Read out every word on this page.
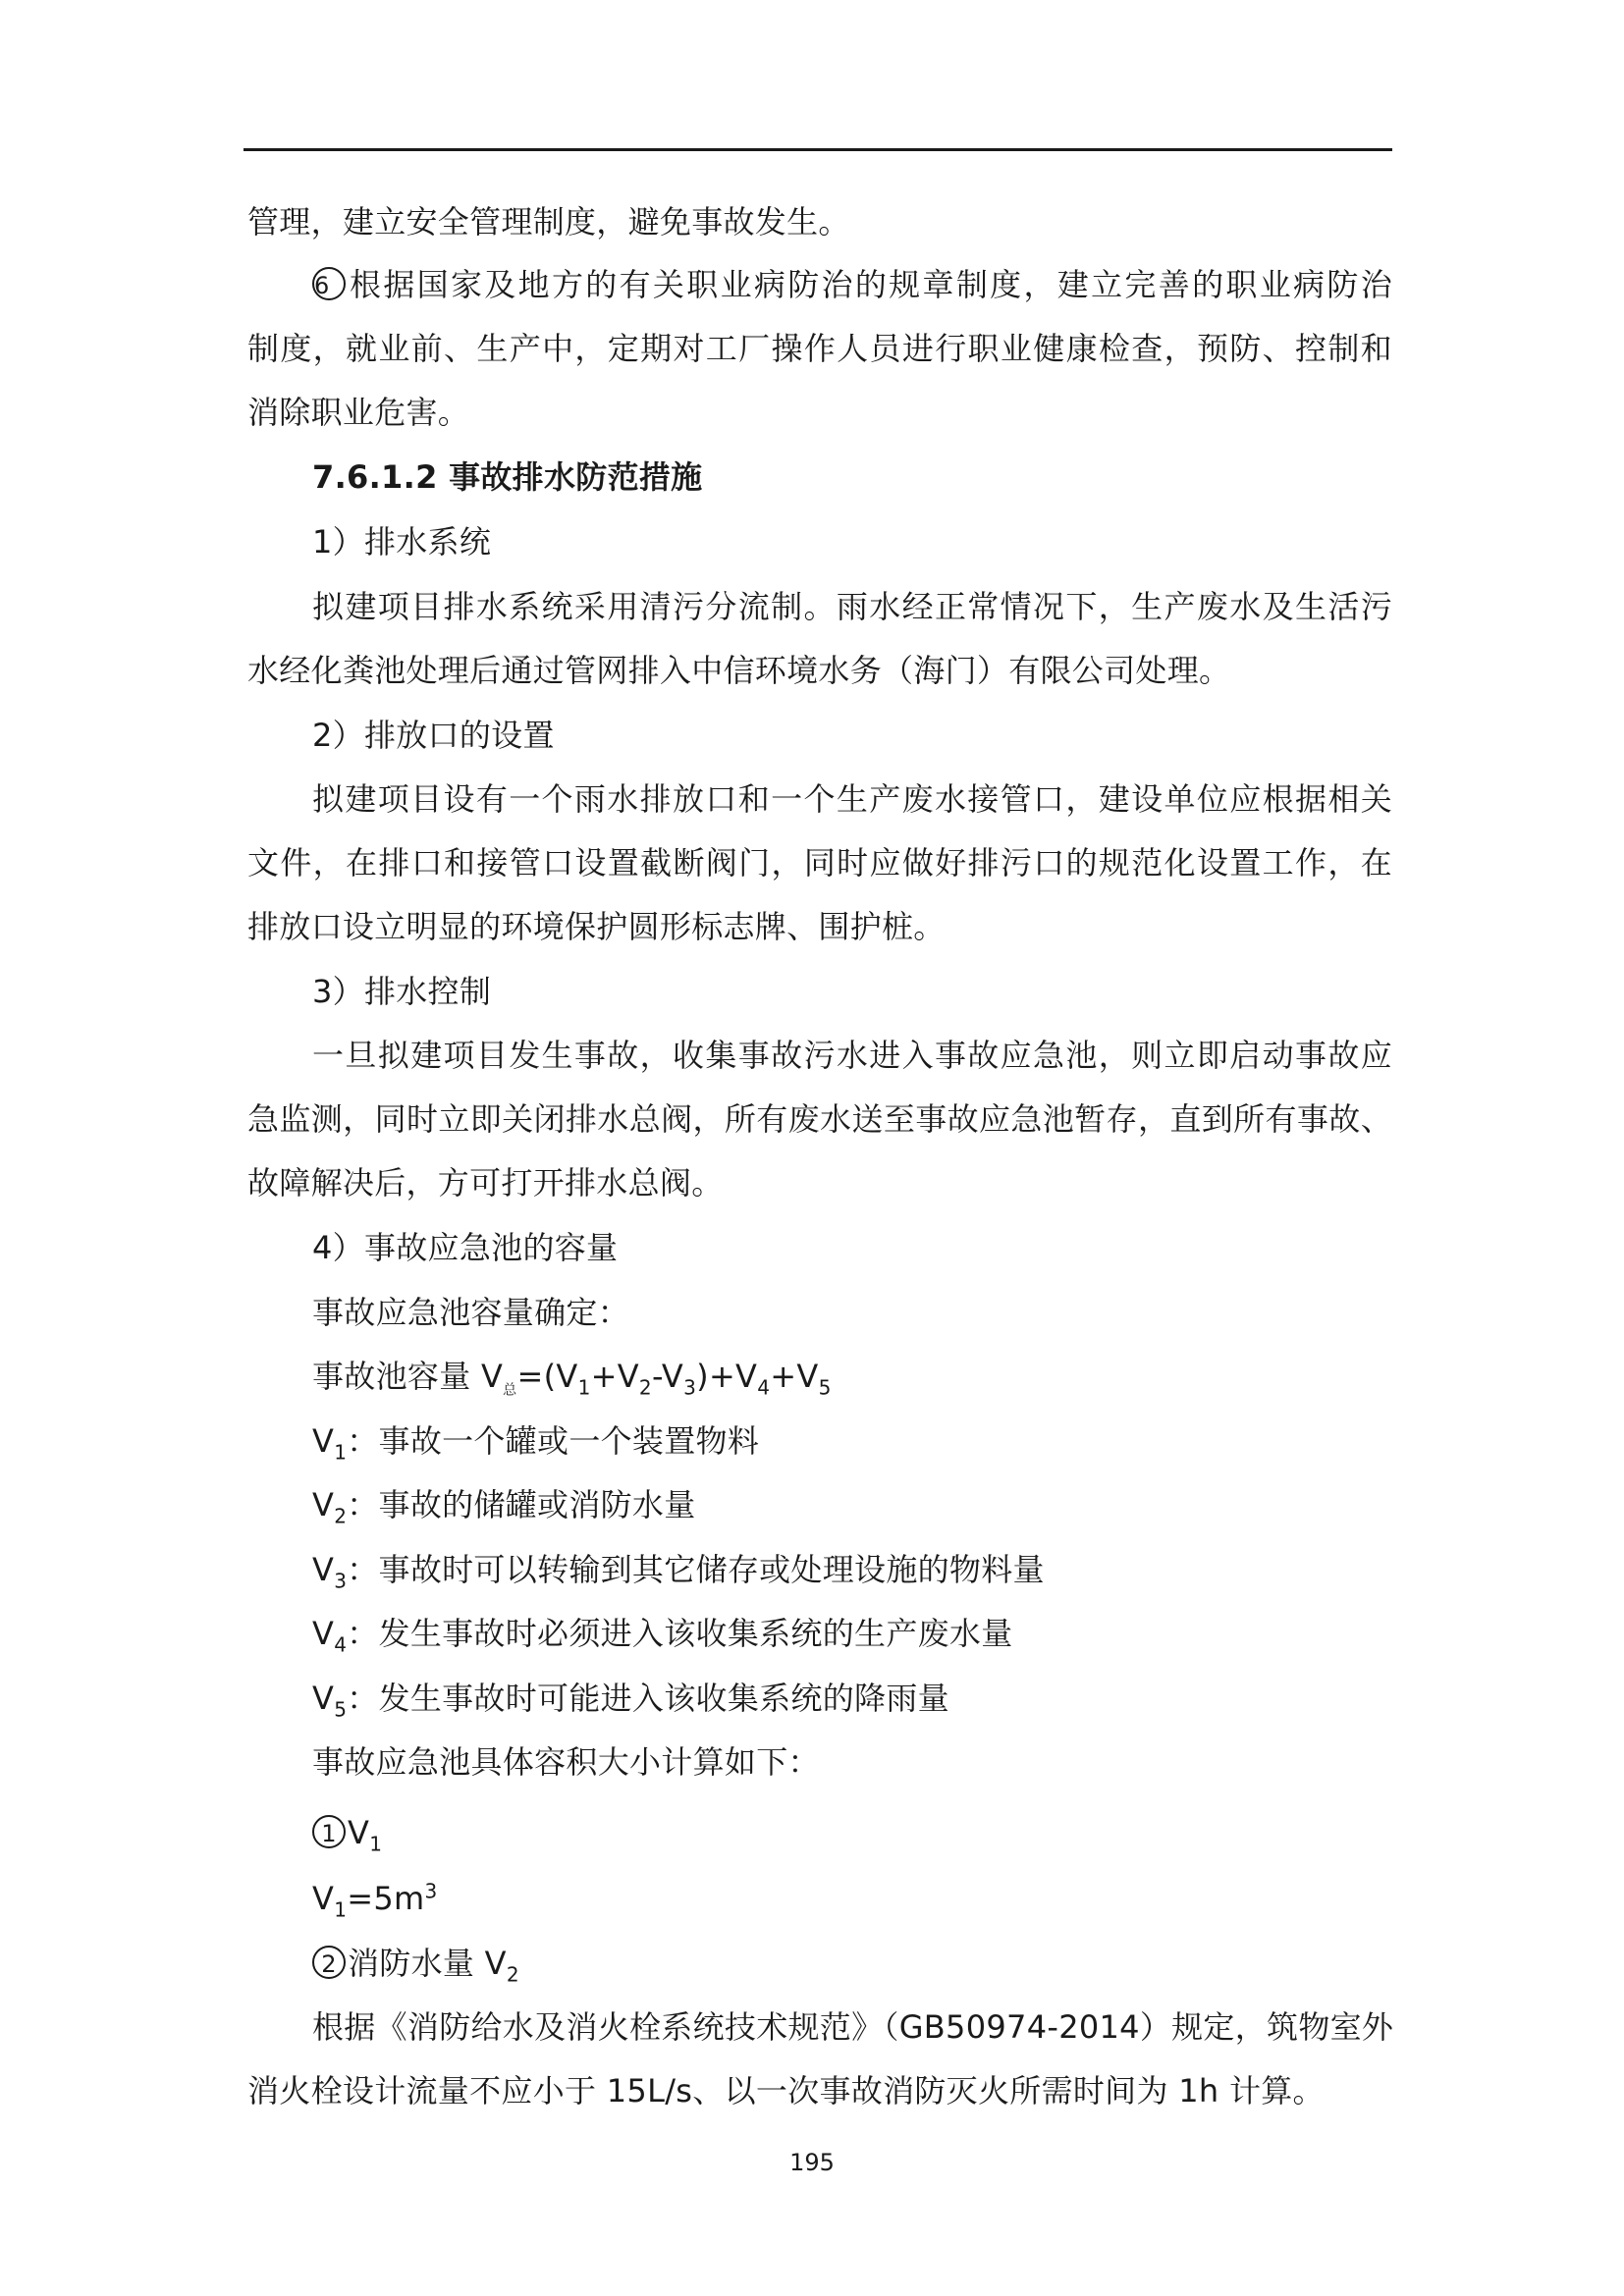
管理，建立安全管理制度，避免事故发生。
6 根据国家及地方的有关职业病防治的规章制度，建立完善的职业病防治
制度，就业前、生产中，定期对工厂操作人员进行职业健康检查，预防、控制和
消除职业危害。
7.6.1.2 事故排水防范措施
1）排水系统
拟建项目排水系统采用清污分流制。雨水经正常情况下，生产废水及生活污
水经化粪池处理后通过管网排入中信环境水务（海门）有限公司处理。
2）排放口的设置
拟建项目设有一个雨水排放口和一个生产废水接管口，建设单位应根据相关
文件，在排口和接管口设置截断阀门，同时应做好排污口的规范化设置工作，在
排放口设立明显的环境保护圆形标志牌、围护桩。
3）排水控制
一旦拟建项目发生事故，收集事故污水进入事故应急池，则立即启动事故应
急监测，同时立即关闭排水总阀，所有废水送至事故应急池暂存，直到所有事故、
故障解决后，方可打开排水总阀。
4）事故应急池的容量
事故应急池容量确定：
事故池容量 $V_总=(V_1+V_2-V_3)+V_4+V_5$
$V_1$：事故一个罐或一个装置物料
$V_2$：事故的储罐或消防水量
$V_3$：事故时可以转输到其它储存或处理设施的物料量
$V_4$：发生事故时必须进入该收集系统的生产废水量
$V_5$：发生事故时可能进入该收集系统的降雨量
事故应急池具体容积大小计算如下：
1 $V_1$
$V_1=5m^3$
2 消防水量 $V_2$
根据《消防给水及消火栓系统技术规范》（GB50974-2014）规定，筑物室外
消火栓设计流量不应小于 15L/s、以一次事故消防灭火所需时间为 1h 计算。
195
